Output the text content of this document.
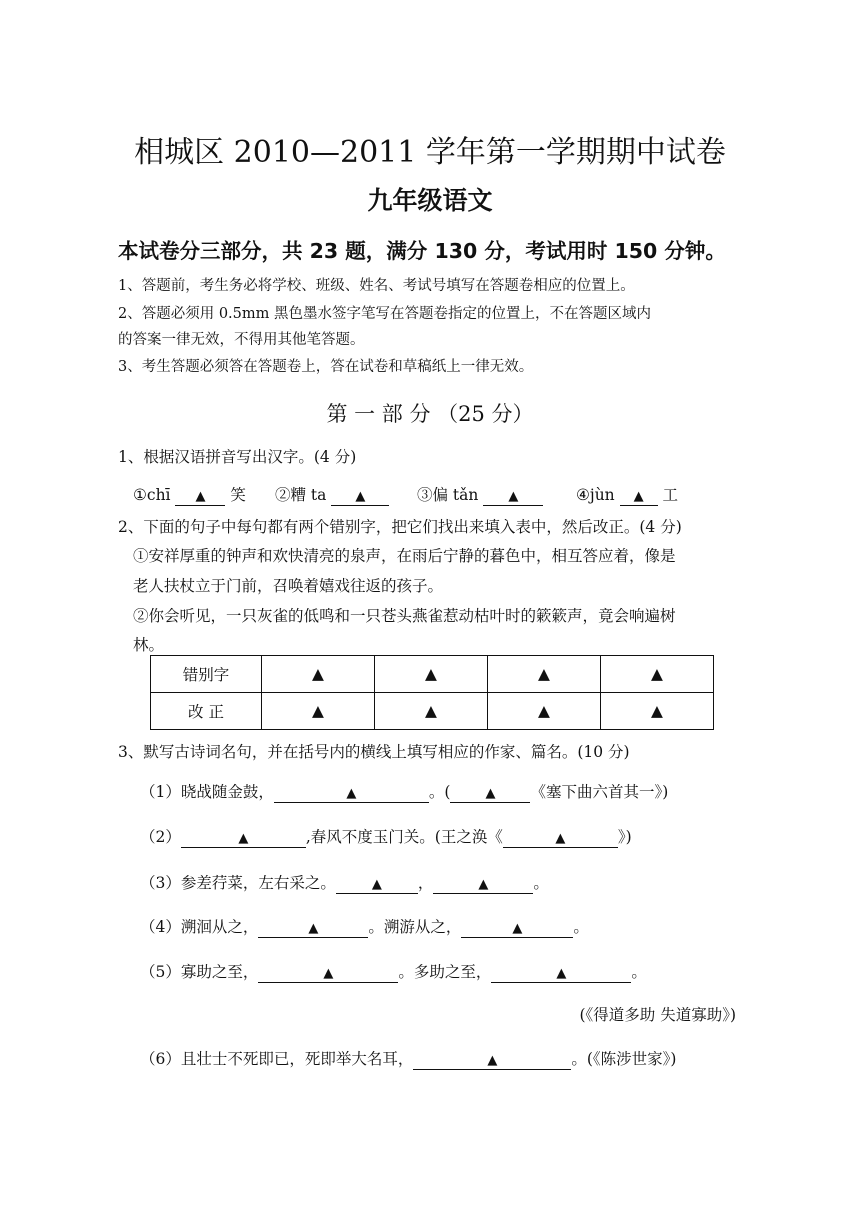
相城区 2010—2011 学年第一学期期中试卷
九年级语文
本试卷分三部分，共 23 题，满分 130 分，考试用时 150 分钟。
1、答题前，考生务必将学校、班级、姓名、考试号填写在答题卷相应的位置上。
2、答题必须用 0.5mm 黑色墨水签字笔写在答题卷指定的位置上，不在答题区域内
的答案一律无效，不得用其他笔答题。
3、考生答题必须答在答题卷上，答在试卷和草稿纸上一律无效。
第 一 部 分 （25 分）
1、根据汉语拼音写出汉字。(4 分)
①chī ▲ 笑 ②糟 ta ▲	③偏 tǎn ▲	④jùn ▲ 工
2、下面的句子中每句都有两个错别字，把它们找出来填入表中，然后改正。(4 分)
①安祥厚重的钟声和欢快清亮的泉声，在雨后宁静的暮色中，相互答应着，像是
老人扶杖立于门前，召唤着嬉戏往返的孩子。
②你会听见，一只灰雀的低鸣和一只苍头燕雀惹动枯叶时的簌簌声，竟会响遍树
林。
错别字	▲	▲	▲	▲
改 正	▲	▲	▲	▲
3、默写古诗词名句，并在括号内的横线上填写相应的作家、篇名。(10 分)
（1）晓战随金鼓，	▲	。(	▲ 《塞下曲六首其一》)
（2）	▲	,春风不度玉门关。(王之涣《	▲	》)
（3）参差荇菜，左右采之。	▲ ，	▲	。
（4）溯洄从之，	▲	。溯游从之，	▲	。
（5）寡助之至，	▲	。多助之至，	▲	。
(《得道多助 失道寡助》)
（6）且壮士不死即已，死即举大名耳，	▲	。(《陈涉世家》)
